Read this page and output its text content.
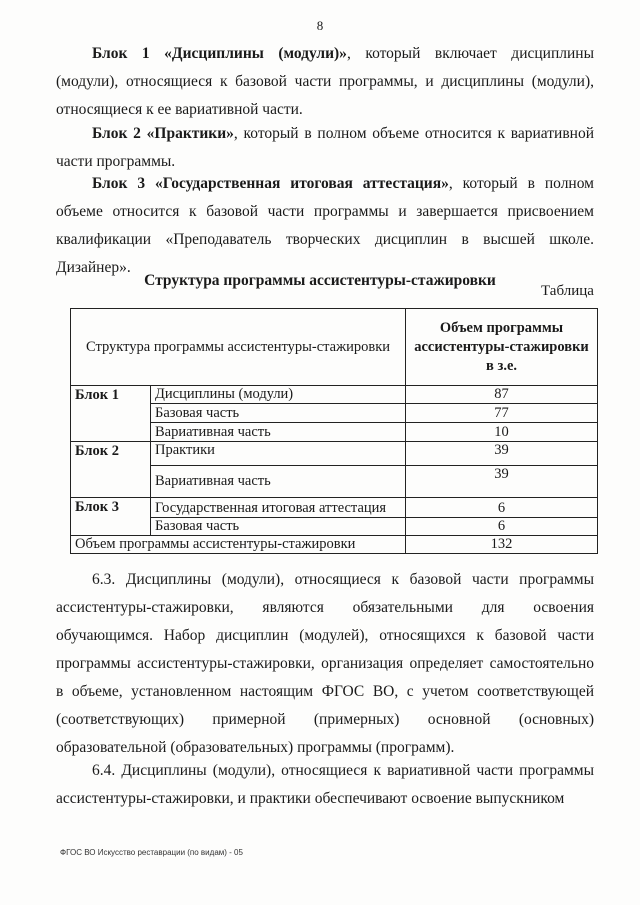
8

Блок 1 «Дисциплины (модули)», который включает дисциплины (модули), относящиеся к базовой части программы, и дисциплины (модули), относящиеся к ее вариативной части.

Блок 2 «Практики», который в полном объеме относится к вариативной части программы.

Блок 3 «Государственная итоговая аттестация», который в полном объеме относится к базовой части программы и завершается присвоением квалификации «Преподаватель творческих дисциплин в высшей школе. Дизайнер».

Структура программы ассистентуры-стажировки
Таблица
Структура программы ассистентуры-стажировки		Объем программы ассистентуры-стажировки в з.е.
Блок 1	Дисциплины (модули)	87
	Базовая часть	77
	Вариативная часть	10
Блок 2	Практики	39
	Вариативная часть	39
Блок 3	Государственная итоговая аттестация	6
	Базовая часть	6
Объем программы ассистентуры-стажировки		132

6.3. Дисциплины (модули), относящиеся к базовой части программы ассистентуры-стажировки, являются обязательными для освоения обучающимся. Набор дисциплин (модулей), относящихся к базовой части программы ассистентуры-стажировки, организация определяет самостоятельно в объеме, установленном настоящим ФГОС ВО, с учетом соответствующей (соответствующих) примерной (примерных) основной (основных) образовательной (образовательных) программы (программ).

6.4. Дисциплины (модули), относящиеся к вариативной части программы ассистентуры-стажировки, и практики обеспечивают освоение выпускником

ФГОС ВО Искусство реставрации (по видам) - 05
